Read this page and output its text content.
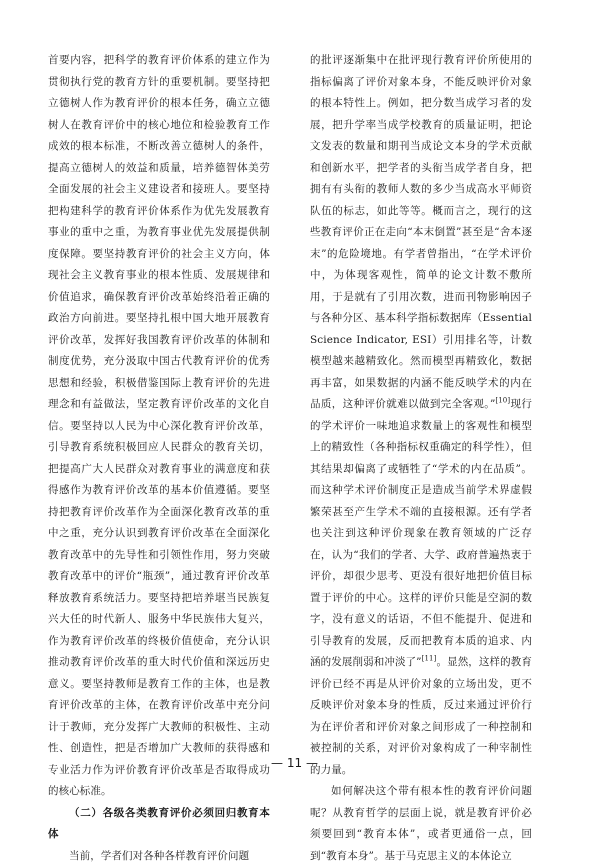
首要内容，把科学的教育评价体系的建立作为贯彻执行党的教育方针的重要机制。要坚持把立德树人作为教育评价的根本任务，确立立德树人在教育评价中的核心地位和检验教育工作成效的根本标准，不断改善立德树人的条件，提高立德树人的效益和质量，培养德智体美劳全面发展的社会主义建设者和接班人。要坚持把构建科学的教育评价体系作为优先发展教育事业的重中之重，为教育事业优先发展提供制度保障。要坚持教育评价的社会主义方向，体现社会主义教育事业的根本性质、发展规律和价值追求，确保教育评价改革始终沿着正确的政治方向前进。要坚持扎根中国大地开展教育评价改革，发挥好我国教育评价改革的体制和制度优势，充分汲取中国古代教育评价的优秀思想和经验，积极借鉴国际上教育评价的先进理念和有益做法，坚定教育评价改革的文化自信。要坚持以人民为中心深化教育评价改革，引导教育系统积极回应人民群众的教育关切，把提高广大人民群众对教育事业的满意度和获得感作为教育评价改革的基本价值遵循。要坚持把教育评价改革作为全面深化教育改革的重中之重，充分认识到教育评价改革在全面深化教育改革中的先导性和引领性作用，努力突破教育改革中的评价“瓶颈”，通过教育评价改革释放教育系统活力。要坚持把培养堪当民族复兴大任的时代新人、服务中华民族伟大复兴，作为教育评价改革的终极价值使命，充分认识推动教育评价改革的重大时代价值和深远历史意义。要坚持教师是教育工作的主体，也是教育评价改革的主体，在教育评价改革中充分问计于教师，充分发挥广大教师的积极性、主动性、创造性，把是否增加广大教师的获得感和专业活力作为评价教育评价改革是否取得成功的核心标准。

（二）各级各类教育评价必须回归教育本体

当前，学者们对各种各样教育评价问题

的批评逐渐集中在批评现行教育评价所使用的指标偏离了评价对象本身，不能反映评价对象的根本特性上。例如，把分数当成学习者的发展，把升学率当成学校教育的质量证明，把论文发表的数量和期刊当成论文本身的学术贡献和创新水平，把学者的头衔当成学者自身，把拥有有头衔的教师人数的多少当成高水平师资队伍的标志，如此等等。概而言之，现行的这些教育评价正在走向“本末倒置”甚至是“舍本逐末”的危险境地。有学者曾指出，“在学术评价中，为体现客观性，简单的论文计数不敷所用，于是就有了引用次数，进而刊物影响因子与各种分区、基本科学指标数据库（Essential Science Indicator, ESI）引用排名等，计数模型越来越精致化。然而模型再精致化，数据再丰富，如果数据的内涵不能反映学术的内在品质，这种评价就难以做到完全客观。”[10]现行的学术评价一味地追求数量上的客观性和模型上的精致性（各种指标权重确定的科学性），但其结果却偏离了或牺牲了“学术的内在品质”。而这种学术评价制度正是造成当前学术界虚假繁荣甚至产生学术不端的直接根源。还有学者也关注到这种评价现象在教育领域的广泛存在，认为“我们的学者、大学、政府普遍热衷于评价，却很少思考、更没有很好地把价值目标置于评价的中心。这样的评价只能是空洞的数字，没有意义的话语，不但不能提升、促进和引导教育的发展，反而把教育本质的追求、内涵的发展削弱和冲淡了”[11]。显然，这样的教育评价已经不再是从评价对象的立场出发，更不反映评价对象本身的性质，反过来通过评价行为在评价者和评价对象之间形成了一种控制和被控制的关系，对评价对象构成了一种宰制性的力量。

如何解决这个带有根本性的教育评价问题呢？从教育哲学的层面上说，就是教育评价必须要回到“教育本体”，或者更通俗一点，回到“教育本身”。基于马克思主义的本体论立

— 11 —
